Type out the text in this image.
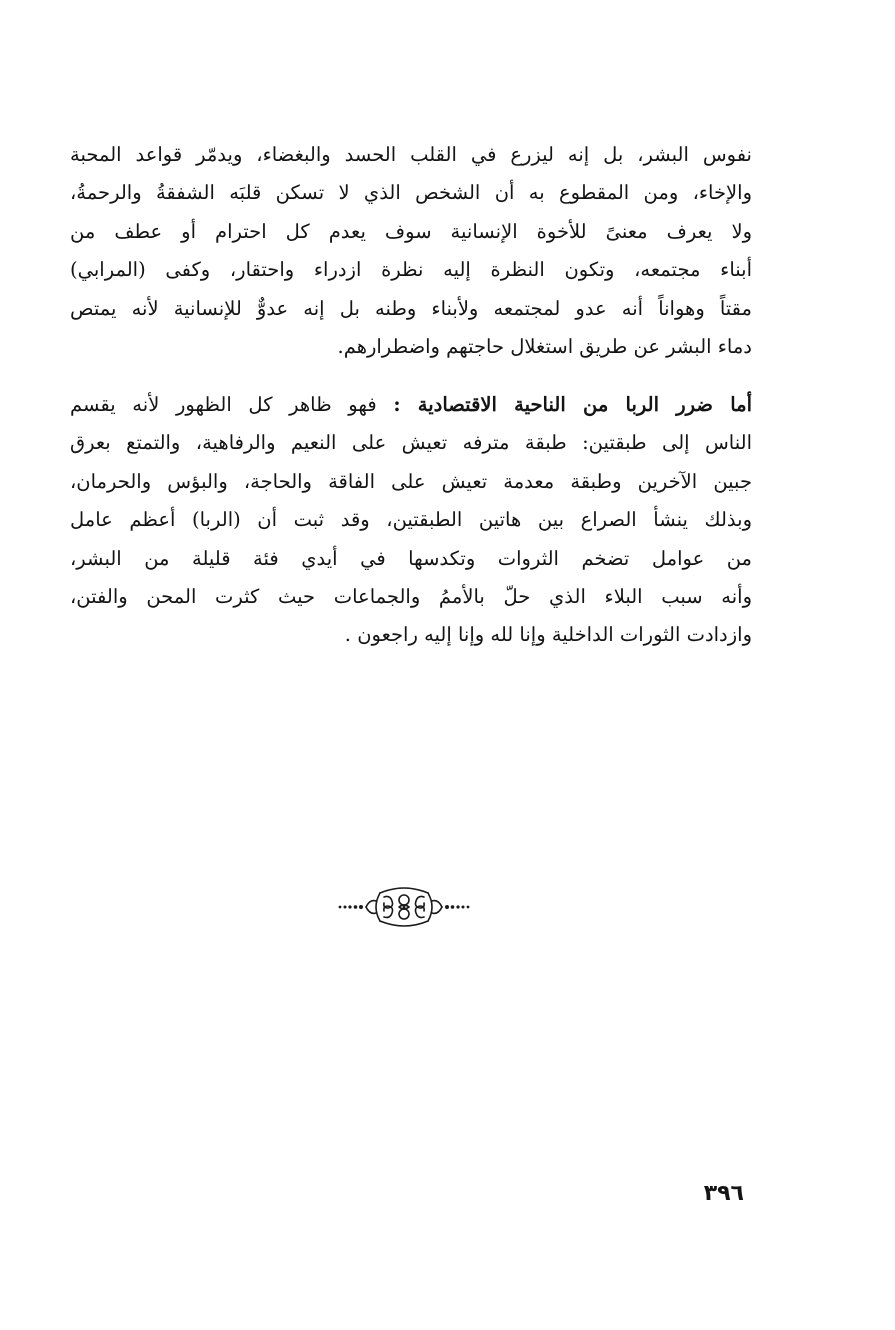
نفوس البشر، بل إنه ليزرع في القلب الحسد والبغضاء، ويدمّر قواعد المحبة
والإخاء، ومن المقطوع به أن الشخص الذي لا تسكن قلبَه الشفقةُ والرحمةُ،
ولا يعرف معنىً للأخوة الإنسانية سوف يعدم كل احترام أو عطف من
أبناء مجتمعه، وتكون النظرة إليه نظرة ازدراء واحتقار، وكفى (المرابي)
مقتاً وهواناً أنه عدو لمجتمعه ولأبناء وطنه بل إنه عدوٌّ للإنسانية لأنه يمتص
دماء البشر عن طريق استغلال حاجتهم واضطرارهم.
أما ضرر الربا من الناحية الاقتصادية : فهو ظاهر كل الظهور لأنه يقسم
الناس إلى طبقتين: طبقة مترفه تعيش على النعيم والرفاهية، والتمتع بعرق
جبين الآخرين وطبقة معدمة تعيش على الفاقة والحاجة، والبؤس والحرمان،
وبذلك ينشأ الصراع بين هاتين الطبقتين، وقد ثبت أن (الربا) أعظم عامل
من عوامل تضخم الثروات وتكدسها في أيدي فئة قليلة من البشر،
وأنه سبب البلاء الذي حلّ بالأممُ والجماعات حيث كثرت المحن والفتن،
وازدادت الثورات الداخلية وإنا لله وإنا إليه راجعون .
٣٩٦
